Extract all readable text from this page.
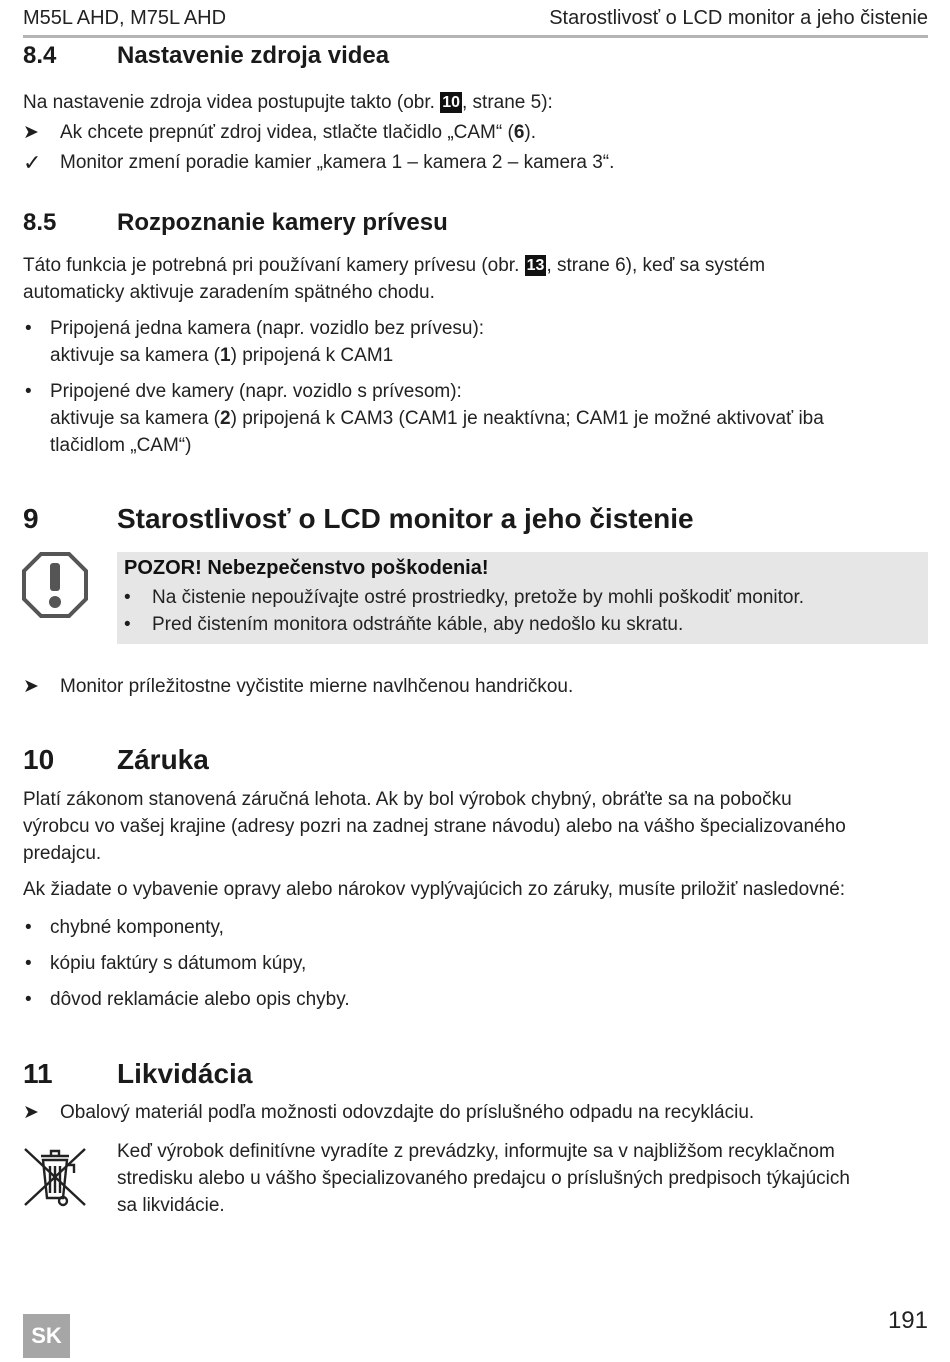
M55L AHD, M75L AHD	Starostlivosť o LCD monitor a jeho čistenie
8.4	Nastavenie zdroja videa
Na nastavenie zdroja videa postupujte takto (obr. 10 , strane 5):
➤ Ak chcete prepnúť zdroj videa, stlačte tlačidlo „CAM“ (6).
✓ Monitor zmení poradie kamier „kamera 1 – kamera 2 – kamera 3“.
8.5	Rozpoznanie kamery prívesu
Táto funkcia je potrebná pri používaní kamery prívesu (obr. 13 , strane 6), keď sa systém
automaticky aktivuje zaradením spätného chodu.
• Pripojená jedna kamera (napr. vozidlo bez prívesu):
aktivuje sa kamera (1) pripojená k CAM1
• Pripojené dve kamery (napr. vozidlo s prívesom):
aktivuje sa kamera (2) pripojená k CAM3 (CAM1 je neaktívna; CAM1 je možné aktivovať iba
tlačidlom „CAM“)
9	Starostlivosť o LCD monitor a jeho čistenie
POZOR! Nebezpečenstvo poškodenia!
• Na čistenie nepoužívajte ostré prostriedky, pretože by mohli poškodiť monitor.
• Pred čistením monitora odstráňte káble, aby nedošlo ku skratu.
➤ Monitor príležitostne vyčistite mierne navlhčenou handričkou.
10 Záruka
Platí zákonom stanovená záručná lehota. Ak by bol výrobok chybný, obráťte sa na pobočku
výrobcu vo vašej krajine (adresy pozri na zadnej strane návodu) alebo na vášho špecializovaného
predajcu.
Ak žiadate o vybavenie opravy alebo nárokov vyplývajúcich zo záruky, musíte priložiť nasledovné:
• chybné komponenty,
• kópiu faktúry s dátumom kúpy,
• dôvod reklamácie alebo opis chyby.
11 Likvidácia
➤ Obalový materiál podľa možnosti odovzdajte do príslušného odpadu na recykláciu.
Keď výrobok definitívne vyradíte z prevádzky, informujte sa v najbližšom recyklačnom
stredisku alebo u vášho špecializovaného predajcu o príslušných predpisoch týkajúcich
sa likvidácie.
SK
191
